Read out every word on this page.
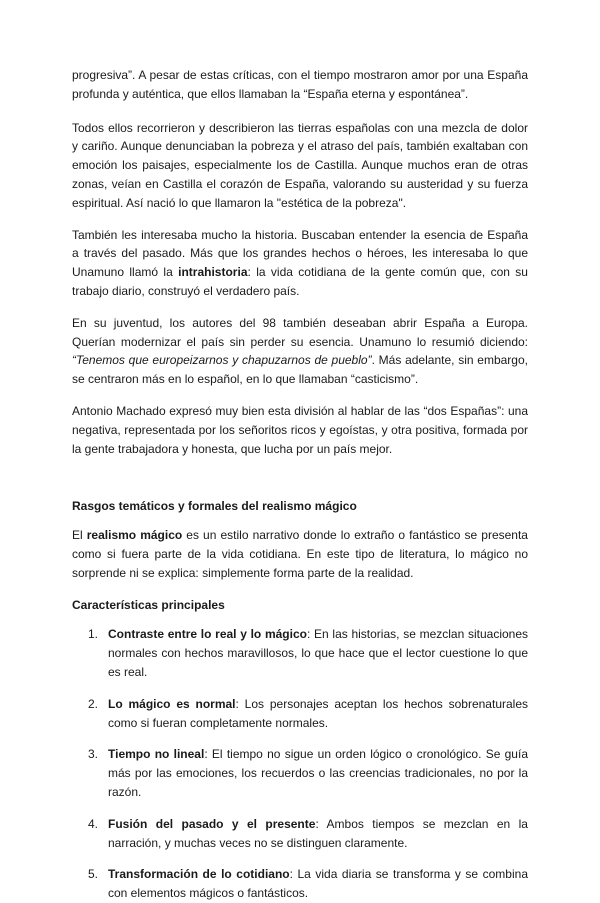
progresiva”. A pesar de estas críticas, con el tiempo mostraron amor por una España profunda y auténtica, que ellos llamaban la “España eterna y espontánea”.

Todos ellos recorrieron y describieron las tierras españolas con una mezcla de dolor y cariño. Aunque denunciaban la pobreza y el atraso del país, también exaltaban con emoción los paisajes, especialmente los de Castilla. Aunque muchos eran de otras zonas, veían en Castilla el corazón de España, valorando su austeridad y su fuerza espiritual. Así nació lo que llamaron la "estética de la pobreza".

También les interesaba mucho la historia. Buscaban entender la esencia de España a través del pasado. Más que los grandes hechos o héroes, les interesaba lo que Unamuno llamó la intrahistoria: la vida cotidiana de la gente común que, con su trabajo diario, construyó el verdadero país.

En su juventud, los autores del 98 también deseaban abrir España a Europa. Querían modernizar el país sin perder su esencia. Unamuno lo resumió diciendo: “Tenemos que europeizarnos y chapuzarnos de pueblo”. Más adelante, sin embargo, se centraron más en lo español, en lo que llamaban “casticismo”.

Antonio Machado expresó muy bien esta división al hablar de las “dos Españas”: una negativa, representada por los señoritos ricos y egoístas, y otra positiva, formada por la gente trabajadora y honesta, que lucha por un país mejor.

Rasgos temáticos y formales del realismo mágico

El realismo mágico es un estilo narrativo donde lo extraño o fantástico se presenta como si fuera parte de la vida cotidiana. En este tipo de literatura, lo mágico no sorprende ni se explica: simplemente forma parte de la realidad.

Características principales

1. Contraste entre lo real y lo mágico: En las historias, se mezclan situaciones normales con hechos maravillosos, lo que hace que el lector cuestione lo que es real.

2. Lo mágico es normal: Los personajes aceptan los hechos sobrenaturales como si fueran completamente normales.

3. Tiempo no lineal: El tiempo no sigue un orden lógico o cronológico. Se guía más por las emociones, los recuerdos o las creencias tradicionales, no por la razón.

4. Fusión del pasado y el presente: Ambos tiempos se mezclan en la narración, y muchas veces no se distinguen claramente.

5. Transformación de lo cotidiano: La vida diaria se transforma y se combina con elementos mágicos o fantásticos.
